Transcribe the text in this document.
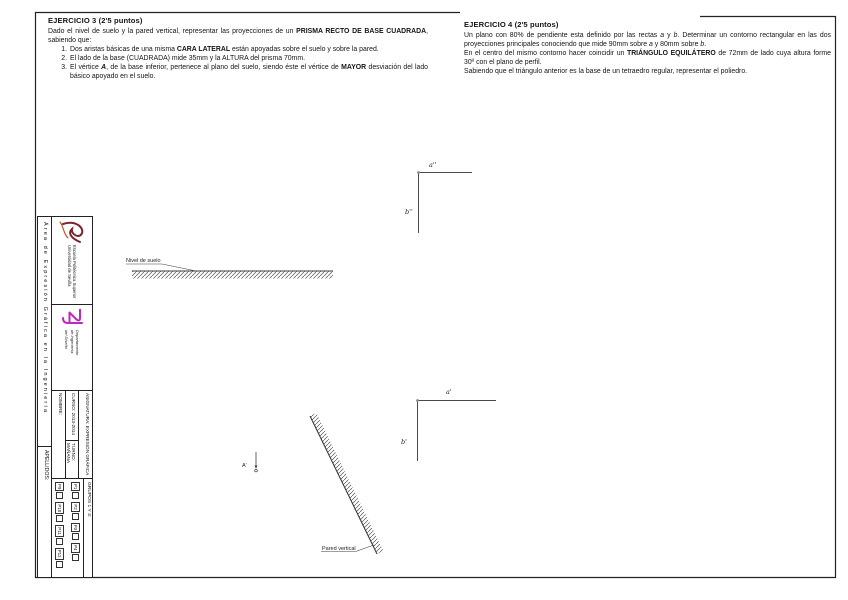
Nivel de suelo
Pared vertical
A'
a''
b''
a'
b'
EJERCICIO 3 (2'5 puntos)

Dado el nivel de suelo y la pared vertical, representar las proyecciones de un PRISMA RECTO DE BASE CUADRADA, sabiendo que:

1. Dos aristas básicas de una misma CARA LATERAL están apoyadas sobre el suelo y sobre la pared.
2. El lado de la base (CUADRADA) mide 35mm y la ALTURA del prisma 70mm.
3. El vértice A, de la base inferior, pertenece al plano del suelo, siendo éste el vértice de MAYOR desviación del lado básico apoyado en el suelo.
EJERCICIO 4 (2'5 puntos)

Un plano con 80% de pendiente esta definido por las rectas a y b. Determinar un contorno rectangular en las dos proyecciones principales conociendo que mide 90mm sobre a y 80mm sobre b.

En el centro del mismo contorno hacer coincidir un TRIÁNGULO EQUILÁTERO de 72mm de lado cuya altura forme 30º con el plano de perfil.

Sabiendo que el triángulo anterior es la base de un tetraedro regular, representar el poliedro.

Escuela Politécnica Superior
Universidad de Sevilla
Departamento
de Ingeniería
del Diseño
ASIGNATURA: EXPRESIÓN GRÁFICA
CURSO: 2013-2014
TURNO: MAÑANA
NOMBRE:
GRUPOS 1 Y 3:
P1
P2
P3
P4
P9
P10
P11
P12
Área de Expresión Gráfica en la Ingeniería
APELLIDOS:
